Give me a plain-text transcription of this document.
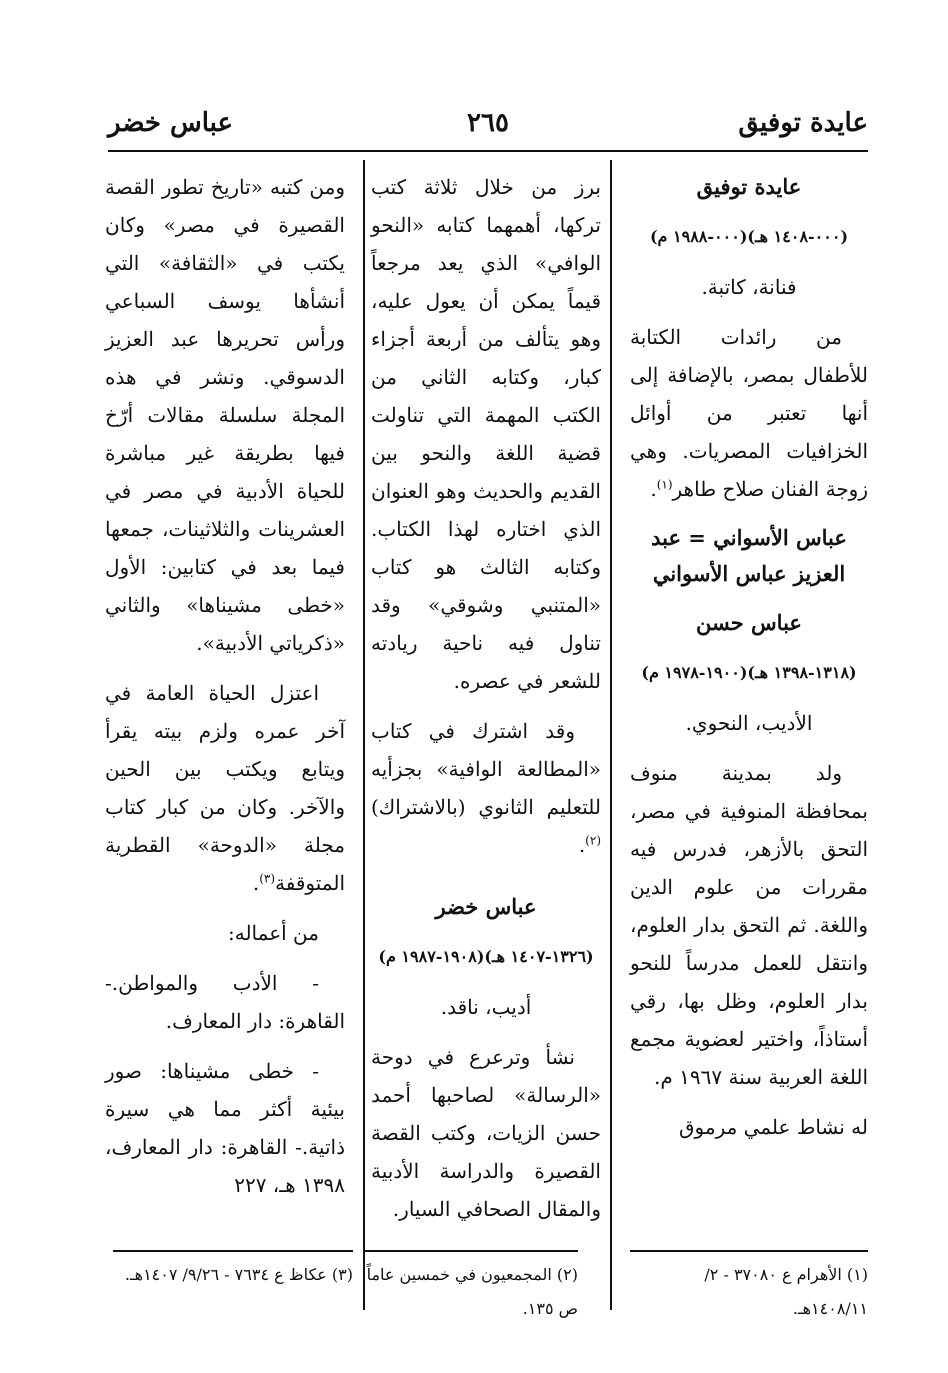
عايدة توفيق
٢٦٥
عباس خضر

عايدة توفيق

(٠٠٠-١٤٠٨ هـ)(٠٠٠-١٩٨٨ م)

فنانة، كاتبة.

من رائدات الكتابة للأطفال بمصر، بالإضافة إلى أنها تعتبر من أوائل الخزافيات المصريات. وهي زوجة الفنان صلاح طاهر$^{(١)}$.

عباس الأسواني = عبد العزيز عباس الأسواني

عباس حسن

(١٣١٨-١٣٩٨ هـ)(١٩٠٠-١٩٧٨ م)

الأديب، النحوي.

ولد بمدينة منوف بمحافظة المنوفية في مصر، التحق بالأزهر، فدرس فيه مقررات من علوم الدين واللغة. ثم التحق بدار العلوم، وانتقل للعمل مدرساً للنحو بدار العلوم، وظل بها، رقي أستاذاً، واختير لعضوية مجمع اللغة العربية سنة ١٩٦٧ م.

له نشاط علمي مرموق

برز من خلال ثلاثة كتب تركها، أهمهما كتابه «النحو الوافي» الذي يعد مرجعاً قيماً يمكن أن يعول عليه، وهو يتألف من أربعة أجزاء كبار، وكتابه الثاني من الكتب المهمة التي تناولت قضية اللغة والنحو بين القديم والحديث وهو العنوان الذي اختاره لهذا الكتاب. وكتابه الثالث هو كتاب «المتنبي وشوقي» وقد تناول فيه ناحية ريادته للشعر في عصره.

وقد اشترك في كتاب «المطالعة الوافية» بجزأيه للتعليم الثانوي (بالاشتراك)$^{(٢)}$.

عباس خضر

(١٣٢٦-١٤٠٧ هـ)(١٩٠٨-١٩٨٧ م)

أديب، ناقد.

نشأ وترعرع في دوحة «الرسالة» لصاحبها أحمد حسن الزيات، وكتب القصة القصيرة والدراسة الأدبية والمقال الصحافي السيار.

ومن كتبه «تاريخ تطور القصة القصيرة في مصر» وكان يكتب في «الثقافة» التي أنشأها يوسف السباعي ورأس تحريرها عبد العزيز الدسوقي. ونشر في هذه المجلة سلسلة مقالات أرّخ فيها بطريقة غير مباشرة للحياة الأدبية في مصر في العشرينات والثلاثينات، جمعها فيما بعد في كتابين: الأول «خطى مشيناها» والثاني «ذكرياتي الأدبية».

اعتزل الحياة العامة في آخر عمره ولزم بيته يقرأ ويتابع ويكتب بين الحين والآخر. وكان من كبار كتاب مجلة «الدوحة» القطرية المتوقفة$^{(٣)}$.

من أعماله:

- الأدب والمواطن.- القاهرة: دار المعارف.

- خطى مشيناها: صور بيئية أكثر مما هي سيرة ذاتية.- القاهرة: دار المعارف، ١٣٩٨ هـ، ٢٢٧

(١) الأهرام ع ٣٧٠٨٠ - ٢/ ١٤٠٨/١١هـ.
(٢) المجمعيون في خمسين عاماً ص ١٣٥.
(٣) عكاظ ع ٧٦٣٤ - ٩/٢٦/ ١٤٠٧هـ.
